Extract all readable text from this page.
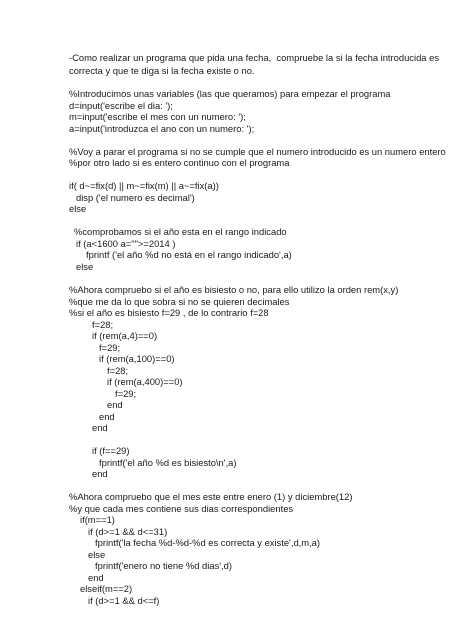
-Como realizar un programa que pida una fecha,  compruebe la si la fecha introducida es
correcta y que te diga si la fecha existe o no.
%Introducimos unas variables (las que queramos) para empezar el programa
d=input('escribe el dia: ');
m=input('escribe el mes con un numero: ');
a=input('introduzca el ano con un numero: ');
%Voy a parar el programa si no se cumple que el numero introducido es un numero entero
%por otro lado si es entero continuo con el programa
if( d~=fix(d) || m~=fix(m) || a~=fix(a))
disp ('el numero es decimal')
else
%comprobamos si el año esta en el rango indicado
if (a<1600 a="">=2014 )
fprintf ('el año %d no está en el rango indicado',a)
else
%Ahora compruebo si el año es bisiesto o no, para ello utilizo la orden rem(x,y)
%que me da lo que sobra si no se quieren decimales
%si el año es bisiesto f=29 , de lo contrario f=28
f=28;
if (rem(a,4)==0)
f=29;
if (rem(a,100)==0)
f=28;
if (rem(a,400)==0)
f=29;
end
end
end
if (f==29)
fprintf('el año %d es bisiesto\n',a)
end
%Ahora compruebo que el mes este entre enero (1) y diciembre(12)
%y que cada mes contiene sus dias correspondientes
if(m==1)
if (d>=1 && d<=31)
fprintf('la fecha %d-%d-%d es correcta y existe',d,m,a)
else
fprintf('enero no tiene %d dias',d)
end
elseif(m==2)
if (d>=1 && d<=f)
